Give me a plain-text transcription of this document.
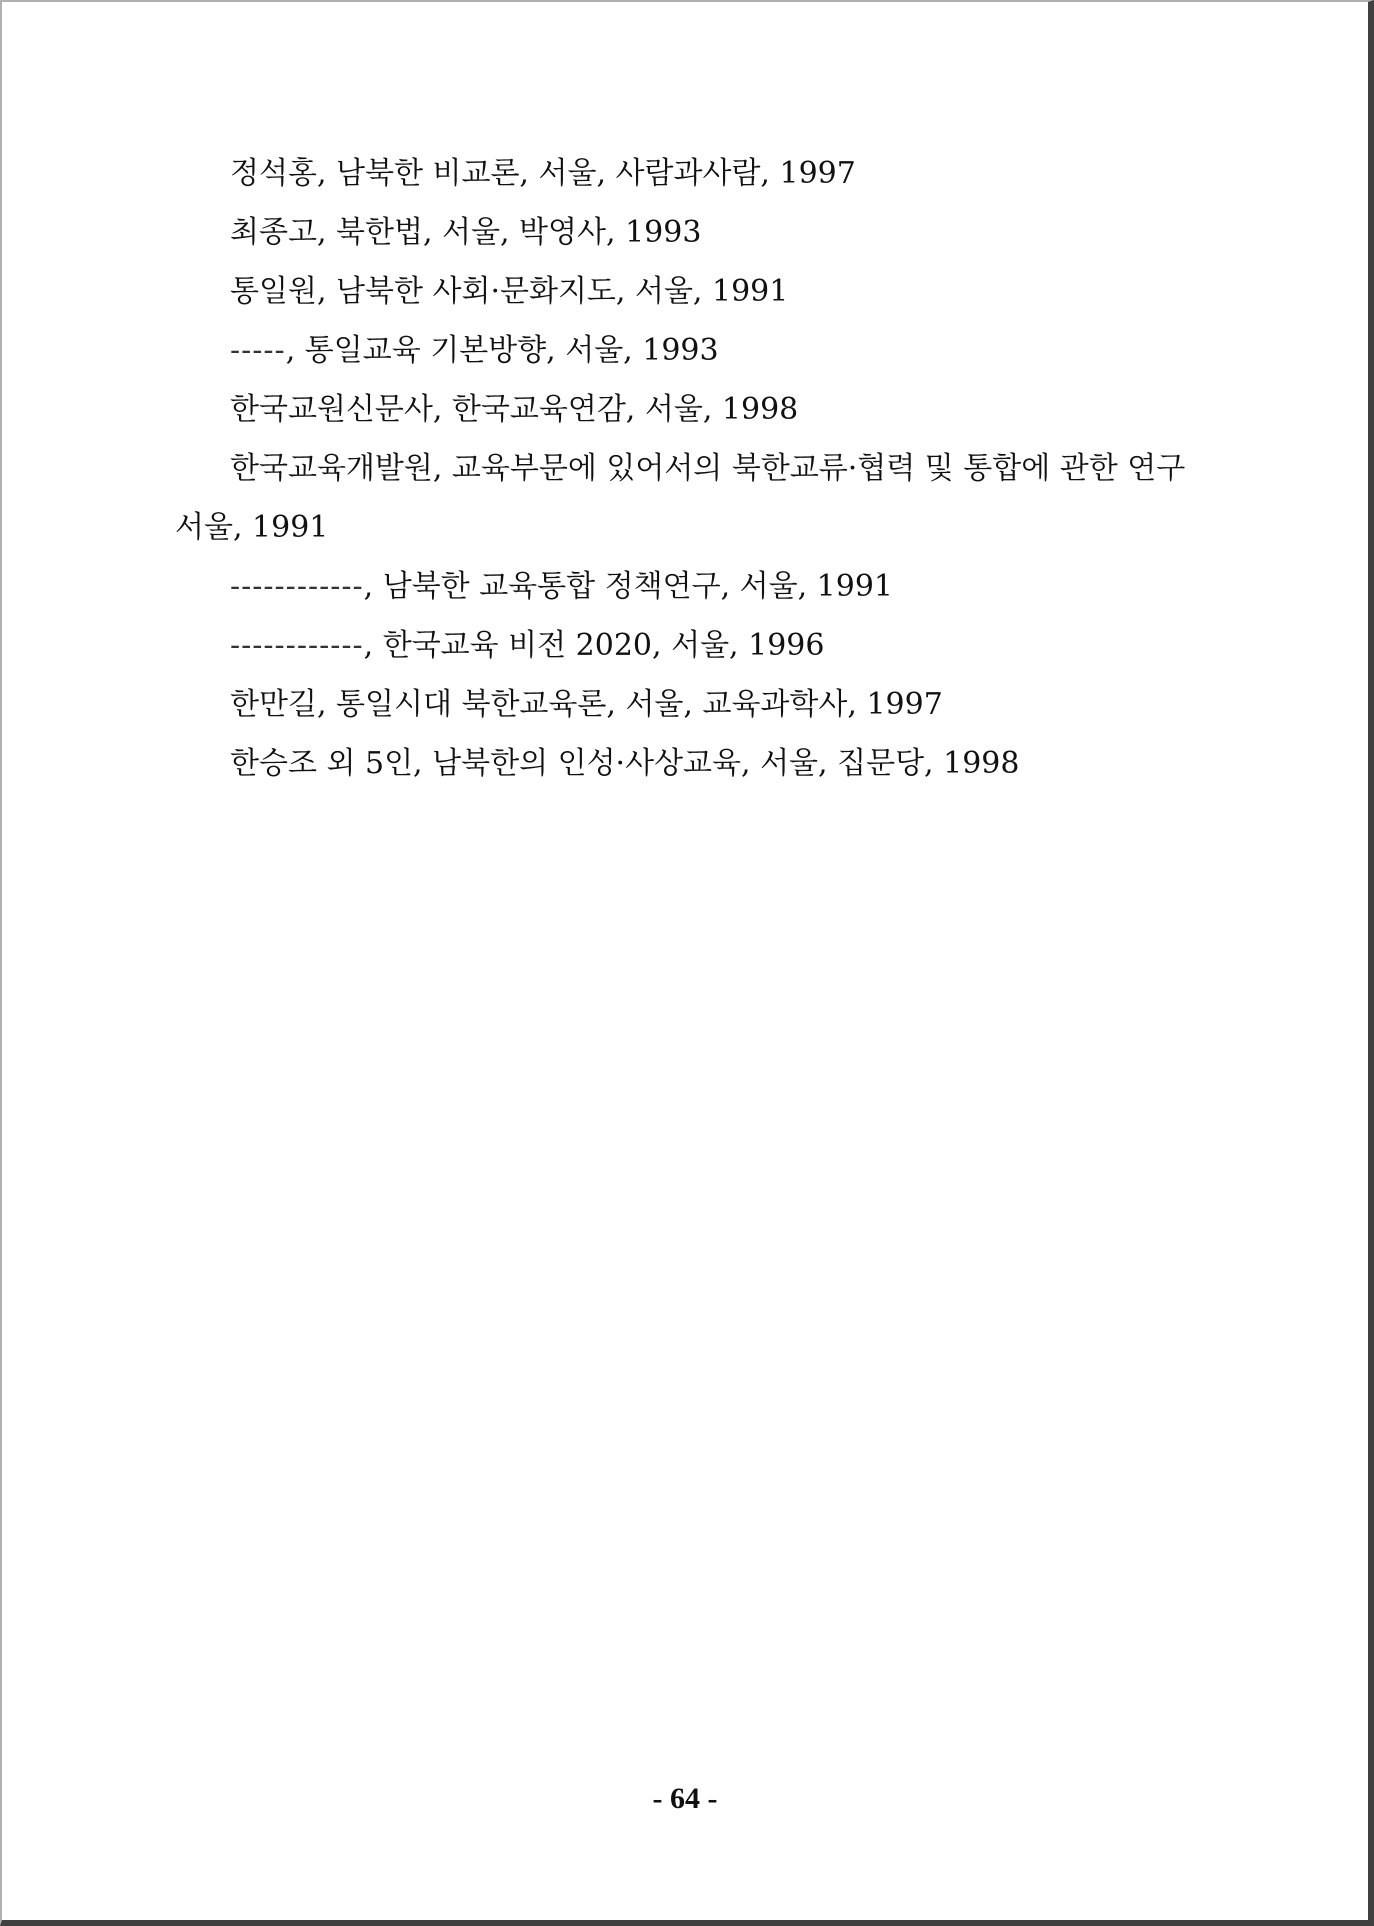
정석홍, 남북한 비교론, 서울, 사람과사람, 1997
최종고, 북한법, 서울, 박영사, 1993
통일원, 남북한 사회·문화지도, 서울, 1991
-----, 통일교육 기본방향, 서울, 1993
한국교원신문사, 한국교육연감, 서울, 1998
한국교육개발원, 교육부문에 있어서의 북한교류·협력 및 통합에 관한 연구
서울, 1991
------------, 남북한 교육통합 정책연구, 서울, 1991
------------, 한국교육 비전 2020, 서울, 1996
한만길, 통일시대 북한교육론, 서울, 교육과학사, 1997
한승조 외 5인, 남북한의 인성·사상교육, 서울, 집문당, 1998
- 64 -
